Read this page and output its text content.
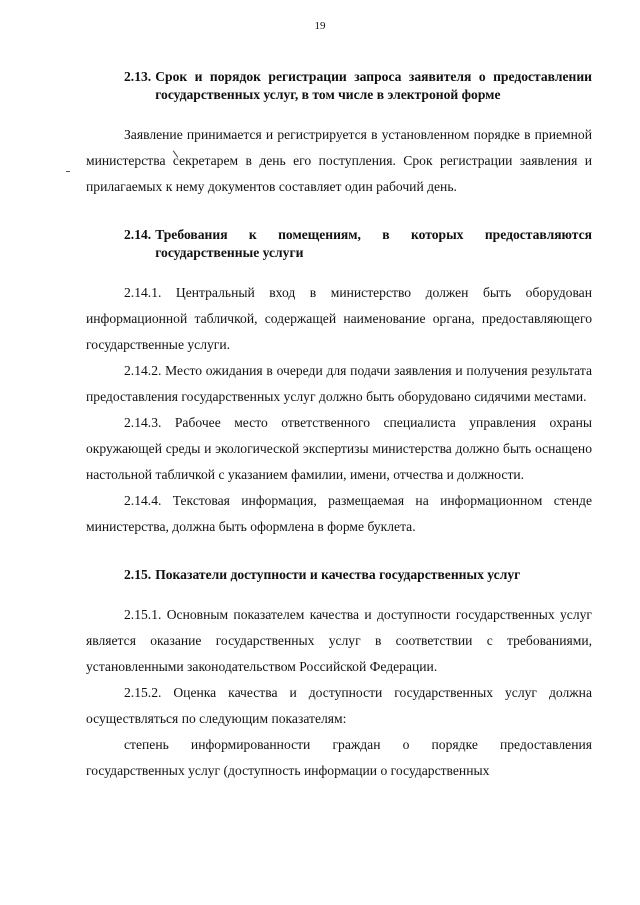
19
2.13. Срок и порядок регистрации запроса заявителя о предоставлении государственных услуг, в том числе в электроной форме

Заявление принимается и регистрируется в установленном порядке в приемной министерства секретарем в день его поступления. Срок регистрации заявления и прилагаемых к нему документов составляет один рабочий день.

2.14. Требования к помещениям, в которых предоставляются государственные услуги

2.14.1. Центральный вход в министерство должен быть оборудован информационной табличкой, содержащей наименование органа, предоставляющего государственные услуги.

2.14.2. Место ожидания в очереди для подачи заявления и получения результата предоставления государственных услуг должно быть оборудовано сидячими местами.

2.14.3. Рабочее место ответственного специалиста управления охраны окружающей среды и экологической экспертизы министерства должно быть оснащено настольной табличкой с указанием фамилии, имени, отчества и должности.

2.14.4. Текстовая информация, размещаемая на информационном стенде министерства, должна быть оформлена в форме буклета.

2.15. Показатели доступности и качества государственных услуг

2.15.1. Основным показателем качества и доступности государственных услуг является оказание государственных услуг в соответствии с требованиями, установленными законодательством Российской Федерации.

2.15.2. Оценка качества и доступности государственных услуг должна осуществляться по следующим показателям:

степень информированности граждан о порядке предоставления государственных услуг (доступность информации о государственных
